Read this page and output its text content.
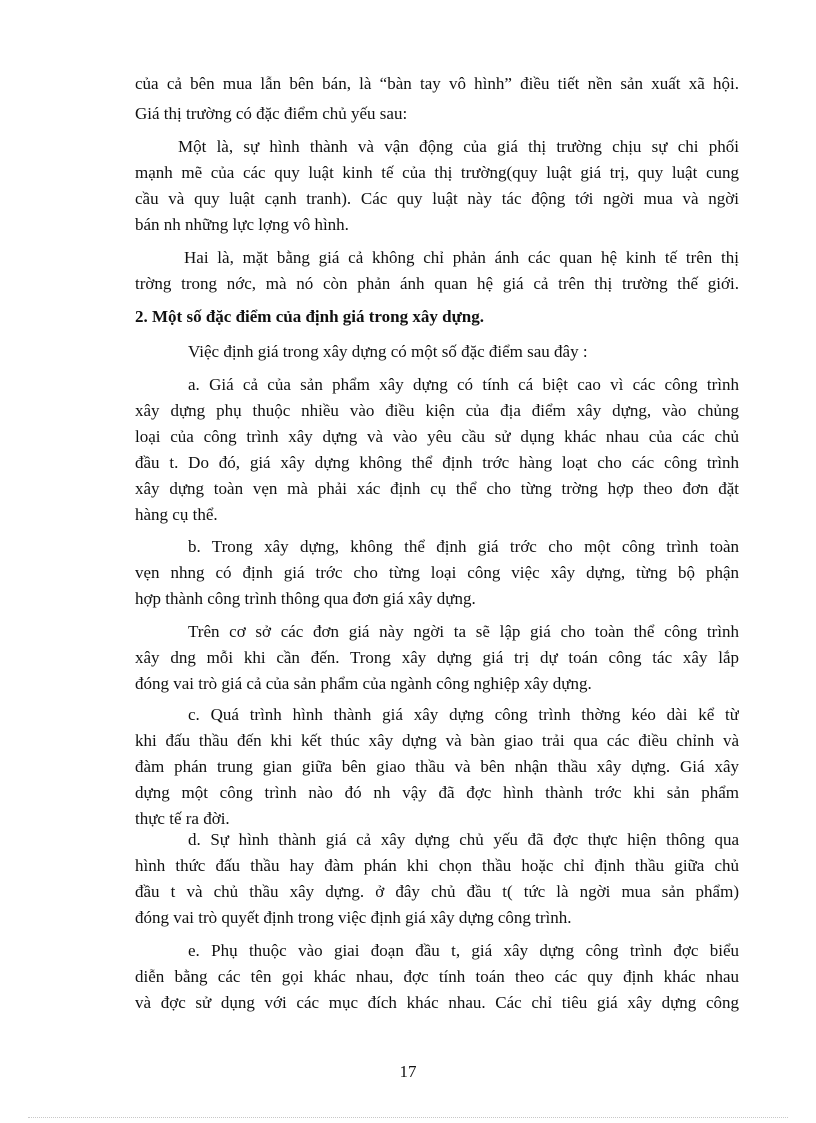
của cả bên mua lẫn bên bán, là “bàn tay vô hình” điều tiết nền sản xuất xã hội.
Giá thị trường có đặc điểm chủ yếu sau:
Một là, sự hình thành và vận động của giá thị trường chịu sự chi phối
mạnh mẽ của các quy luật kinh tế của thị trường(quy luật giá trị, quy luật cung
cầu và quy luật cạnh tranh). Các quy luật này tác động tới ngời mua và ngời
bán nh những lực lợng vô hình.
Hai là, mặt bằng giá cả không chỉ phản ánh các quan hệ kinh tế trên thị
trờng trong nớc, mà nó còn phản ánh quan hệ giá cả trên thị trường thế giới.
2. Một số đặc điểm của định giá trong xây dựng.
Việc định giá trong xây dựng có một số đặc điểm sau đây :
a. Giá cả của sản phẩm xây dựng có tính cá biệt cao vì các công trình
xây dựng phụ thuộc nhiều vào điều kiện của địa điểm xây dựng, vào chủng
loại của công trình xây dựng và vào yêu cầu sử dụng khác nhau của các chủ
đầu t. Do đó, giá xây dựng không thể định trớc hàng loạt cho các công trình
xây dựng toàn vẹn mà phải xác định cụ thể cho từng trờng hợp theo đơn đặt
hàng cụ thể.
b. Trong xây dựng, không thể định giá trớc cho một công trình toàn
vẹn nhng có định giá trớc cho từng loại công việc xây dựng, từng bộ phận
hợp thành công trình thông qua đơn giá xây dựng.
Trên cơ sở các đơn giá này ngời ta sẽ lập giá cho toàn thể công trình
xây dng mỗi khi cần đến. Trong xây dựng giá trị dự toán công tác xây lắp
đóng vai trò giá cả của sản phẩm của ngành công nghiệp xây dựng.
c. Quá trình hình thành giá xây dựng công trình thờng kéo dài kể từ
khi đấu thầu đến khi kết thúc xây dựng và bàn giao trải qua các điều chỉnh và
đàm phán trung gian giữa bên giao thầu và bên nhận thầu xây dựng. Giá xây
dựng một công trình nào đó nh vậy đã đợc hình thành trớc khi sản phẩm
thực tế ra đời.
d. Sự hình thành giá cả xây dựng chủ yếu đã đợc thực hiện thông qua
hình thức đấu thầu hay đàm phán khi chọn thầu hoặc chỉ định thầu giữa chủ
đầu t và chủ thầu xây dựng. ở đây chủ đầu t( tức là ngời mua sản phẩm)
đóng vai trò quyết định trong việc định giá xây dựng công trình.
e. Phụ thuộc vào giai đoạn đầu t, giá xây dựng công trình đợc biểu
diễn bằng các tên gọi khác nhau, đợc tính toán theo các quy định khác nhau
và đợc sử dụng với các mục đích khác nhau. Các chỉ tiêu giá xây dựng công
17
